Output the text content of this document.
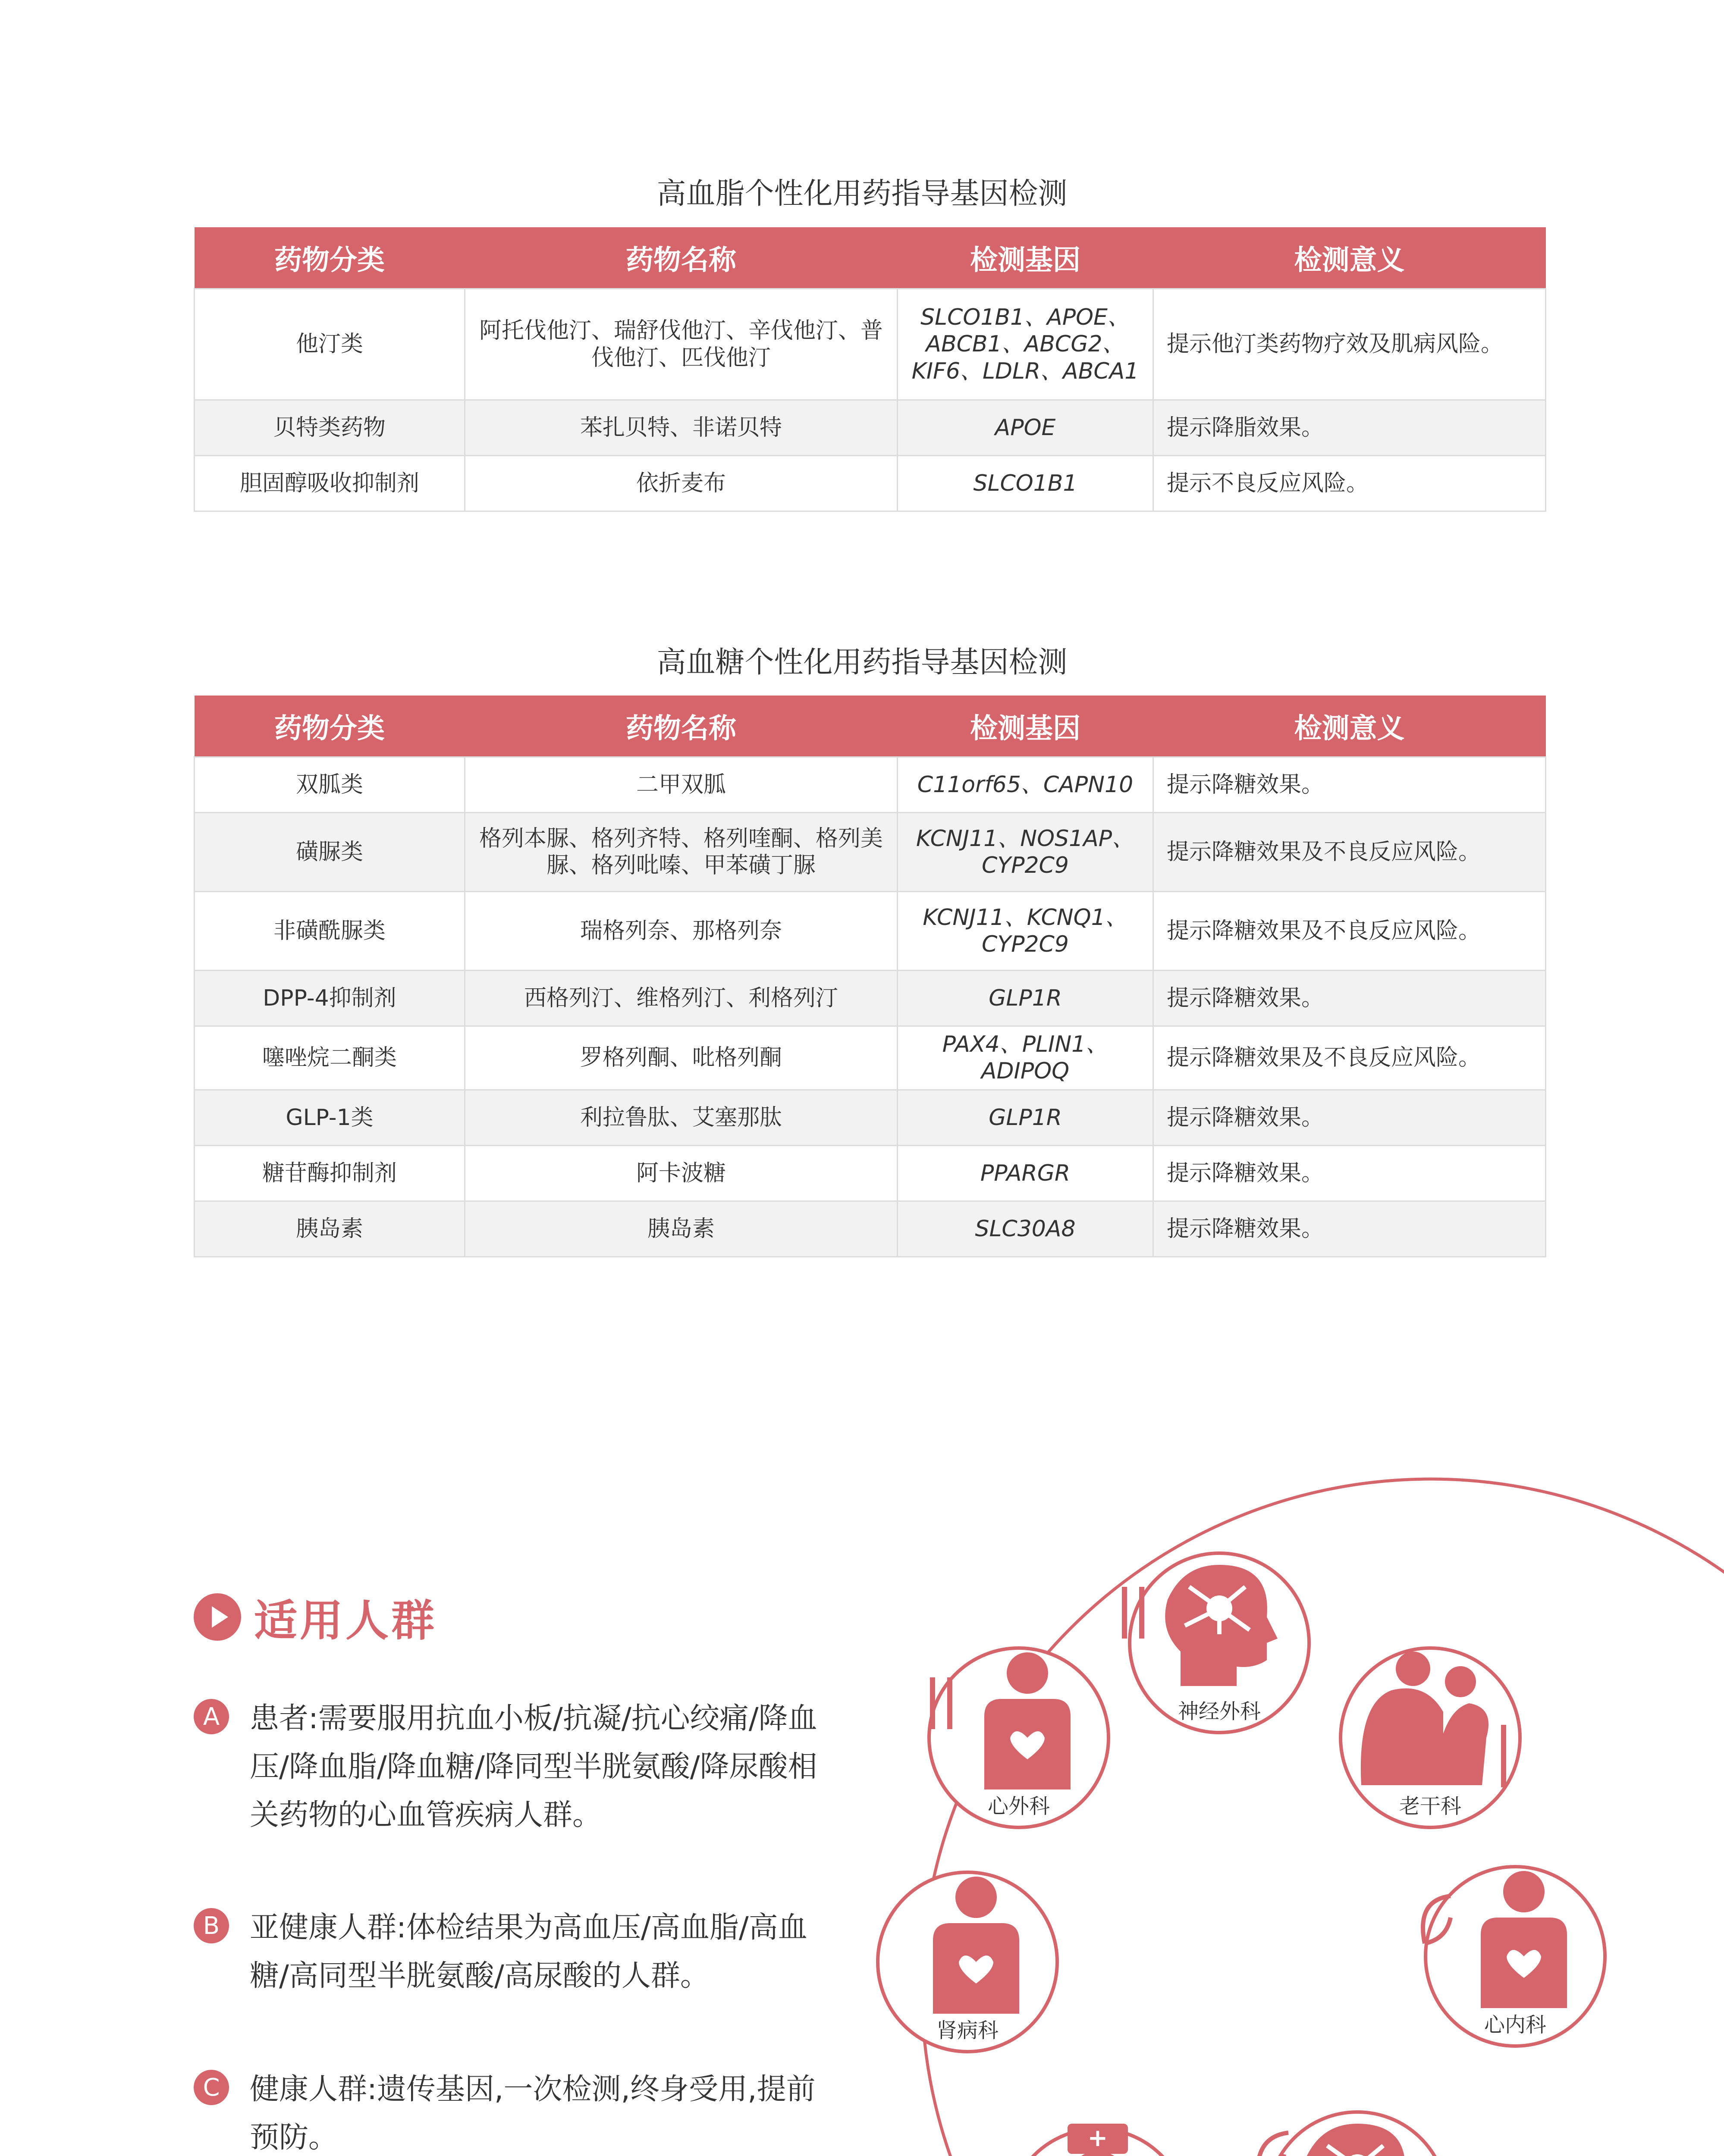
高血脂个性化用药指导基因检测
药物分类	药物名称	检测基因	检测意义
他汀类	阿托伐他汀、瑞舒伐他汀、辛伐他汀、普伐他汀、匹伐他汀	SLCO1B1、APOE、ABCB1、ABCG2、KIF6、LDLR、ABCA1	提示他汀类药物疗效及肌病风险。
贝特类药物	苯扎贝特、非诺贝特	APOE	提示降脂效果。
胆固醇吸收抑制剂	依折麦布	SLCO1B1	提示不良反应风险。
高血糖个性化用药指导基因检测
药物分类	药物名称	检测基因	检测意义
双胍类	二甲双胍	C11orf65、CAPN10	提示降糖效果。
磺脲类	格列本脲、格列齐特、格列喹酮、格列美脲、格列吡嗪、甲苯磺丁脲	KCNJ11、NOS1AP、CYP2C9	提示降糖效果及不良反应风险。
非磺酰脲类	瑞格列奈、那格列奈	KCNJ11、KCNQ1、CYP2C9	提示降糖效果及不良反应风险。
DPP-4抑制剂	西格列汀、维格列汀、利格列汀	GLP1R	提示降糖效果。
噻唑烷二酮类	罗格列酮、吡格列酮	PAX4、PLIN1、ADIPOQ	提示降糖效果及不良反应风险。
GLP-1类	利拉鲁肽、艾塞那肽	GLP1R	提示降糖效果。
糖苷酶抑制剂	阿卡波糖	PPARGR	提示降糖效果。
胰岛素	胰岛素	SLC30A8	提示降糖效果。
适用人群
A	患者:需要服用抗血小板/抗凝/抗心绞痛/降血压/降血脂/降血糖/降同型半胱氨酸/降尿酸相关药物的心血管疾病人群。
B	亚健康人群:体检结果为高血压/高血脂/高血糖/高同型半胱氨酸/高尿酸的人群。
C	健康人群:遗传基因,一次检测,终身受用,提前预防。
神经外科
老干科
心内科
+
肾病科
心外科
